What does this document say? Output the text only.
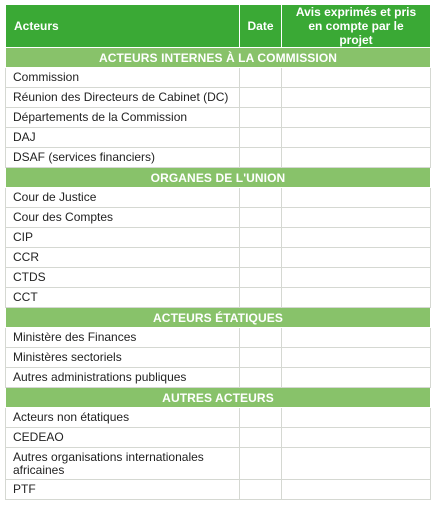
Acteurs	Date	Avis exprimés et pris en compte par le projet
ACTEURS INTERNES À LA COMMISSION		
Commission		
Réunion des Directeurs de Cabinet (DC)		
Départements de la Commission		
DAJ		
DSAF (services financiers)		
ORGANES DE L'UNION		
Cour de Justice		
Cour des Comptes		
CIP		
CCR		
CTDS		
CCT		
ACTEURS ÉTATIQUES		
Ministère des Finances		
Ministères sectoriels		
Autres administrations publiques		
AUTRES ACTEURS		
Acteurs non étatiques		
CEDEAO		
Autres organisations internationales africaines		
PTF		
